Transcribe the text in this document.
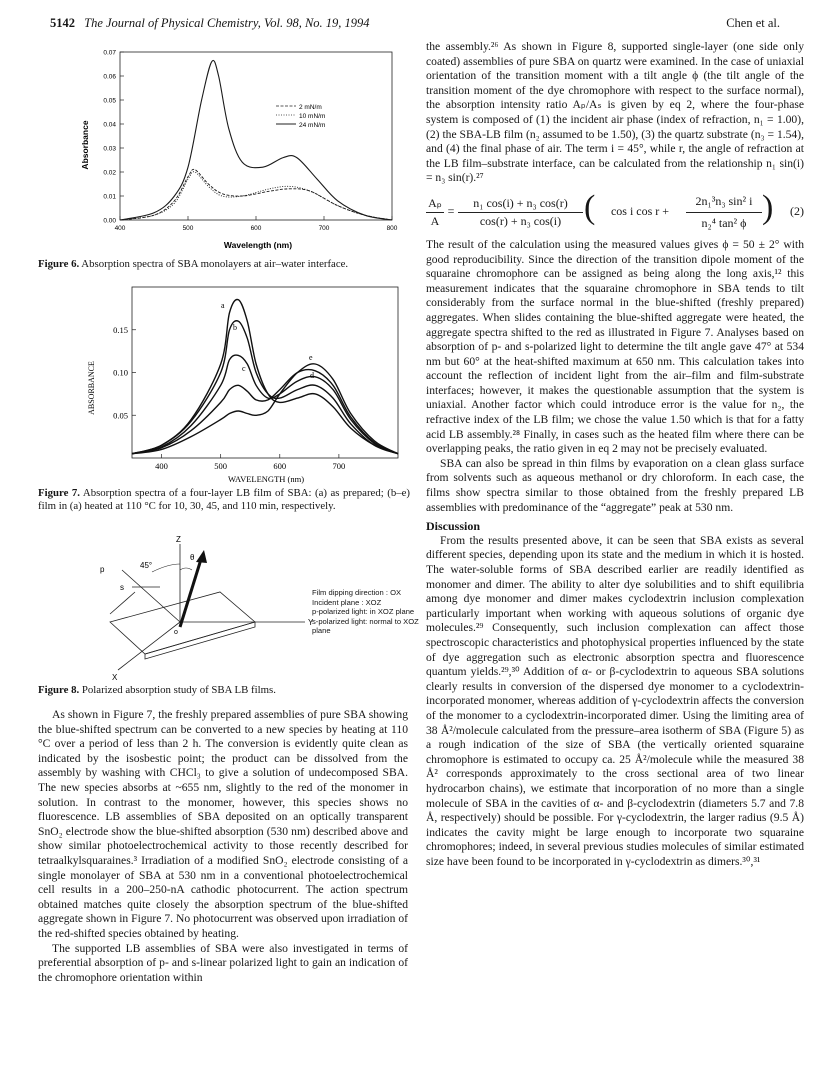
5142 The Journal of Physical Chemistry, Vol. 98, No. 19, 1994	Chen et al.
0.00
0.01
0.02
0.03
0.04
0.05
0.06
0.07
400	500	600	700	800
Absorbance
Wavelength (nm)
2 mN/m
10 mN/m
24 mN/m
Figure 6. Absorption spectra of SBA monolayers at air–water interface.
0.05
0.10
0.15
400	500	600	700
ABSORBANCE
WAVELENGTH (nm)
a
b
c
d
e
Figure 7. Absorption spectra of a four-layer LB film of SBA: (a) as prepared; (b–e) film in (a) heated at 110 °C for 10, 30, 45, and 110 min, respectively.
Z
θ
p	45°
s
Y
o
X
Film dipping direction : OX
Incident plane : XOZ
p-polarized light: in XOZ plane
s-polarized light: normal to XOZ plane
Figure 8. Polarized absorption study of SBA LB films.

As shown in Figure 7, the freshly prepared assemblies of pure SBA showing the blue-shifted spectrum can be converted to a new species by heating at 110 °C over a period of less than 2 h. The conversion is evidently quite clean as indicated by the isosbestic point; the product can be dissolved from the assembly by washing with CHCl₃ to give a solution of undecomposed SBA. The new species absorbs at ~655 nm, slightly to the red of the monomer in solution. In contrast to the monomer, however, this species shows no fluorescence. LB assemblies of SBA deposited on an optically transparent SnO₂ electrode show the blue-shifted absorption (530 nm) described above and show similar photoelectrochemical activity to those recently described for tetraalkylsquaraines.³ Irradiation of a modified SnO₂ electrode consisting of a single monolayer of SBA at 530 nm in a conventional photoelectrochemical cell results in a 200–250-nA cathodic photocurrent. The action spectrum obtained matches quite closely the absorption spectrum of the blue-shifted aggregate shown in Figure 7. No photocurrent was observed upon irradiation of the red-shifted species obtained by heating.

The supported LB assemblies of SBA were also investigated in terms of preferential absorption of p- and s-linear polarized light to gain an indication of the chromophore orientation within

the assembly.²⁶ As shown in Figure 8, supported single-layer (one side only coated) assemblies of pure SBA on quartz were examined. In the case of uniaxial orientation of the transition moment with a tilt angle ϕ (the tilt angle of the transition moment of the dye chromophore with respect to the surface normal), the absorption intensity ratio Aₚ/Aₛ is given by eq 2, where the four-phase system is composed of (1) the incident air phase (index of refraction, n₁ = 1.00), (2) the SBA-LB film (n₂ assumed to be 1.50), (3) the quartz substrate (n₃ = 1.54), and (4) the final phase of air. The term i = 45°, while r, the angle of refraction at the LB film–substrate interface, can be calculated from the relationship n₁ sin(i) = n₃ sin(r).²⁷

Aₚ
A
=
n₁ cos(i) + n₃ cos(r)
cos(r) + n₃ cos(i) (	cos i cos r +
2n₁³n₃ sin² i
n₂⁴ tan² ϕ ) (2)

The result of the calculation using the measured values gives ϕ = 50 ± 2° with good reproducibility. Since the direction of the transition dipole moment of the squaraine chromophore can be assigned as being along the long axis,¹² this measurement indicates that the squaraine chromophore in SBA tends to tilt considerably from the surface normal in the blue-shifted (freshly prepared) aggregates. When slides containing the blue-shifted aggregate were heated, the aggregate spectra shifted to the red as illustrated in Figure 7. Analyses based on absorption of p- and s-polarized light to determine the tilt angle gave 47° at 534 nm but 60° at the heat-shifted maximum at 650 nm. This calculation takes into account the reflection of incident light from the air–film and film-substrate interfaces; however, it makes the questionable assumption that the system is uniaxial. Another factor which could introduce error is the value for n₂, the refractive index of the LB film; we chose the value 1.50 which is that for a fatty acid LB assembly.²⁸ Finally, in cases such as the heated film where there can be overlapping peaks, the ratio given in eq 2 may not be precisely evaluated.

SBA can also be spread in thin films by evaporation on a clean glass surface from solvents such as aqueous methanol or dry chloroform. In each case, the films show spectra similar to those obtained from the freshly prepared LB assemblies with predominance of the “aggregate” peak at 530 nm.

Discussion

From the results presented above, it can be seen that SBA exists as several different species, depending upon its state and the medium in which it is hosted. The water-soluble forms of SBA described earlier are readily identified as monomer and dimer. The ability to alter dye solubilities and to shift equilibria among dye monomer and dimer makes cyclodextrin inclusion complexation particularly important when working with aqueous solutions of organic dye molecules.²⁹ Consequently, such inclusion complexation can affect those spectroscopic characteristics and photophysical properties influenced by the state of dye aggregation such as electronic absorption spectra and fluorescence quantum yields.²⁹,³⁰ Addition of α- or β-cyclodextrin to aqueous SBA solutions clearly results in conversion of the dispersed dye monomer to a cyclodextrin-incorporated monomer, whereas addition of γ-cyclodextrin affects the conversion of the monomer to a cyclodextrin-incorporated dimer. Using the limiting area of 38 Å²/molecule calculated from the pressure–area isotherm of SBA (Figure 5) as a rough indication of the size of SBA (the vertically oriented squaraine chromophore is estimated to occupy ca. 25 Å²/molecule while the measured 38 Å² corresponds approximately to the cross sectional area of two linear hydrocarbon chains), we estimate that incorporation of no more than a single molecule of SBA in the cavities of α- and β-cyclodextrin (diameters 5.7 and 7.8 Å, respectively) should be possible. For γ-cyclodextrin, the larger radius (9.5 Å) indicates the cavity might be large enough to incorporate two squaraine chromophores; indeed, in several previous studies molecules of similar estimated size have been found to be incorporated in γ-cyclodextrin as dimers.³⁰,³¹
